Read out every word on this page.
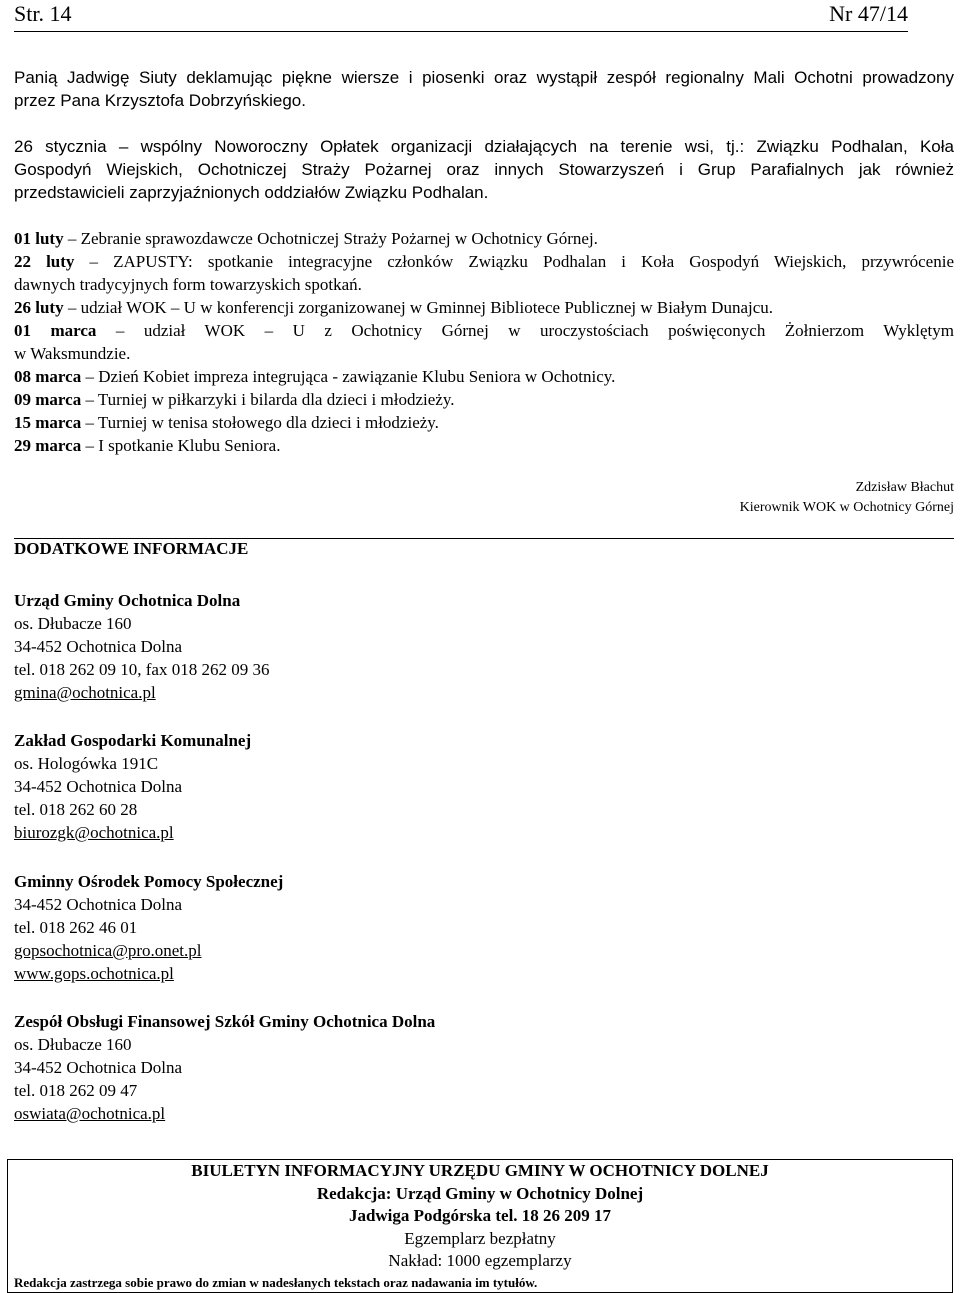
Str. 14	Nr 47/14
Panią Jadwigę Siuty deklamując piękne wiersze i piosenki oraz wystąpił zespół regionalny Mali Ochotni prowadzony
przez Pana Krzysztofa Dobrzyńskiego.
26 stycznia – wspólny Noworoczny Opłatek organizacji działających na terenie wsi, tj.: Związku Podhalan, Koła
Gospodyń Wiejskich, Ochotniczej Straży Pożarnej oraz innych Stowarzyszeń i Grup Parafialnych jak również
przedstawicieli zaprzyjaźnionych oddziałów Związku Podhalan.
01 luty – Zebranie sprawozdawcze Ochotniczej Straży Pożarnej w Ochotnicy Górnej.
22 luty – ZAPUSTY: spotkanie integracyjne członków Związku Podhalan i Koła Gospodyń Wiejskich, przywrócenie
dawnych tradycyjnych form towarzyskich spotkań.
26 luty – udział WOK – U w konferencji zorganizowanej w Gminnej Bibliotece Publicznej w Białym Dunajcu.
01 marca – udział WOK – U z Ochotnicy Górnej w uroczystościach poświęconych Żołnierzom Wyklętym
w Waksmundzie.
08 marca – Dzień Kobiet impreza integrująca - zawiązanie Klubu Seniora w Ochotnicy.
09 marca – Turniej w piłkarzyki i bilarda dla dzieci i młodzieży.
15 marca – Turniej w tenisa stołowego dla dzieci i młodzieży.
29 marca – I spotkanie Klubu Seniora.
Zdzisław Błachut
Kierownik WOK w Ochotnicy Górnej
DODATKOWE INFORMACJE
Urząd Gminy Ochotnica Dolna
os. Dłubacze 160
34-452 Ochotnica Dolna
tel. 018 262 09 10, fax 018 262 09 36
gmina@ochotnica.pl
Zakład Gospodarki Komunalnej
os. Hologówka 191C
34-452 Ochotnica Dolna
tel. 018 262 60 28
biurozgk@ochotnica.pl
Gminny Ośrodek Pomocy Społecznej
34-452 Ochotnica Dolna
tel. 018 262 46 01
gopsochotnica@pro.onet.pl
www.gops.ochotnica.pl
Zespół Obsługi Finansowej Szkół Gminy Ochotnica Dolna
os. Dłubacze 160
34-452 Ochotnica Dolna
tel. 018 262 09 47
oswiata@ochotnica.pl
BIULETYN INFORMACYJNY URZĘDU GMINY W OCHOTNICY DOLNEJ
Redakcja: Urząd Gminy w Ochotnicy Dolnej
Jadwiga Podgórska tel. 18 26 209 17
Egzemplarz bezpłatny
Nakład: 1000 egzemplarzy
Redakcja zastrzega sobie prawo do zmian w nadesłanych tekstach oraz nadawania im tytułów.
